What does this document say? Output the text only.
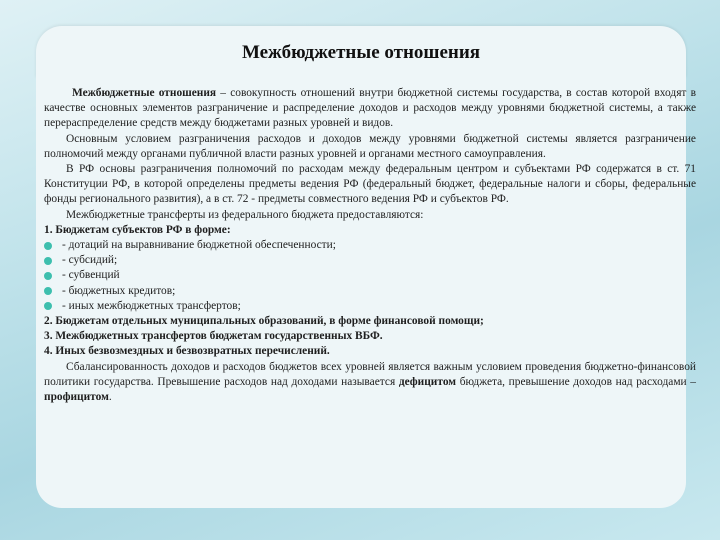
Межбюджетные отношения

Межбюджетные отношения – совокупность отношений внутри бюджетной системы государства, в состав которой входят в качестве основных элементов разграничение и распределение доходов и расходов между уровнями бюджетной системы, а также перераспределение средств между бюджетами разных уровней и видов.

Основным условием разграничения расходов и доходов между уровнями бюджетной системы является разграничение полномочий между органами публичной власти разных уровней и органами местного самоуправления.

В РФ основы разграничения полномочий по расходам между федеральным центром и субъектами РФ содержатся в ст. 71 Конституции РФ, в которой определены предметы ведения РФ (федеральный бюджет, федеральные налоги и сборы, федеральные фонды регионального развития), а в ст. 72 - предметы совместного ведения РФ и субъектов РФ.

Межбюджетные трансферты из федерального бюджета предоставляются:

1. Бюджетам субъектов РФ в форме:

- дотаций на выравнивание бюджетной обеспеченности;
- субсидий;
- субвенций
- бюджетных кредитов;
- иных межбюджетных трансфертов;

2. Бюджетам отдельных муниципальных образований, в форме финансовой помощи;

3. Межбюджетных трансфертов бюджетам государственных ВБФ.

4. Иных безвозмездных и безвозвратных перечислений.

Сбалансированность доходов и расходов бюджетов всех уровней является важным условием проведения бюджетно-финансовой политики государства. Превышение расходов над доходами называется дефицитом бюджета, превышение доходов над расходами – профицитом.
